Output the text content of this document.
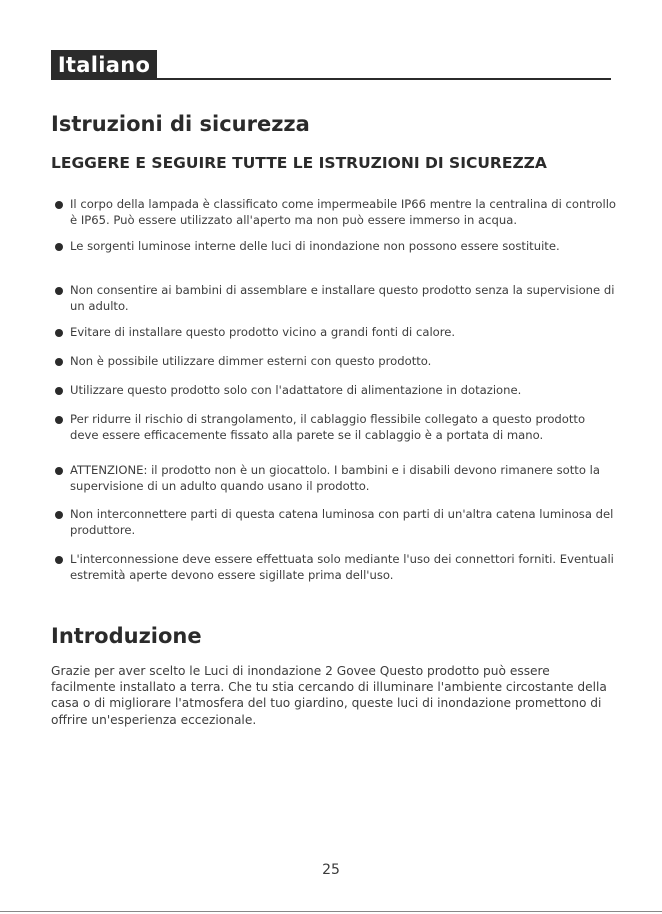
Italiano
Istruzioni di sicurezza
LEGGERE E SEGUIRE TUTTE LE ISTRUZIONI DI SICUREZZA
Il corpo della lampada è classificato come impermeabile IP66 mentre la centralina di controllo è IP65. Può essere utilizzato all'aperto ma non può essere immerso in acqua.
Le sorgenti luminose interne delle luci di inondazione non possono essere sostituite.
Non consentire ai bambini di assemblare e installare questo prodotto senza la supervisione di un adulto.
Evitare di installare questo prodotto vicino a grandi fonti di calore.
Non è possibile utilizzare dimmer esterni con questo prodotto.
Utilizzare questo prodotto solo con l'adattatore di alimentazione in dotazione.
Per ridurre il rischio di strangolamento, il cablaggio flessibile collegato a questo prodotto deve essere efficacemente fissato alla parete se il cablaggio è a portata di mano.
ATTENZIONE: il prodotto non è un giocattolo. I bambini e i disabili devono rimanere sotto la supervisione di un adulto quando usano il prodotto.
Non interconnettere parti di questa catena luminosa con parti di un'altra catena luminosa del produttore.
L'interconnessione deve essere effettuata solo mediante l'uso dei connettori forniti. Eventuali estremità aperte devono essere sigillate prima dell'uso.
Introduzione

Grazie per aver scelto le Luci di inondazione 2 Govee Questo prodotto può essere facilmente installato a terra. Che tu stia cercando di illuminare l'ambiente circostante della casa o di migliorare l'atmosfera del tuo giardino, queste luci di inondazione promettono di offrire un'esperienza eccezionale.

25
